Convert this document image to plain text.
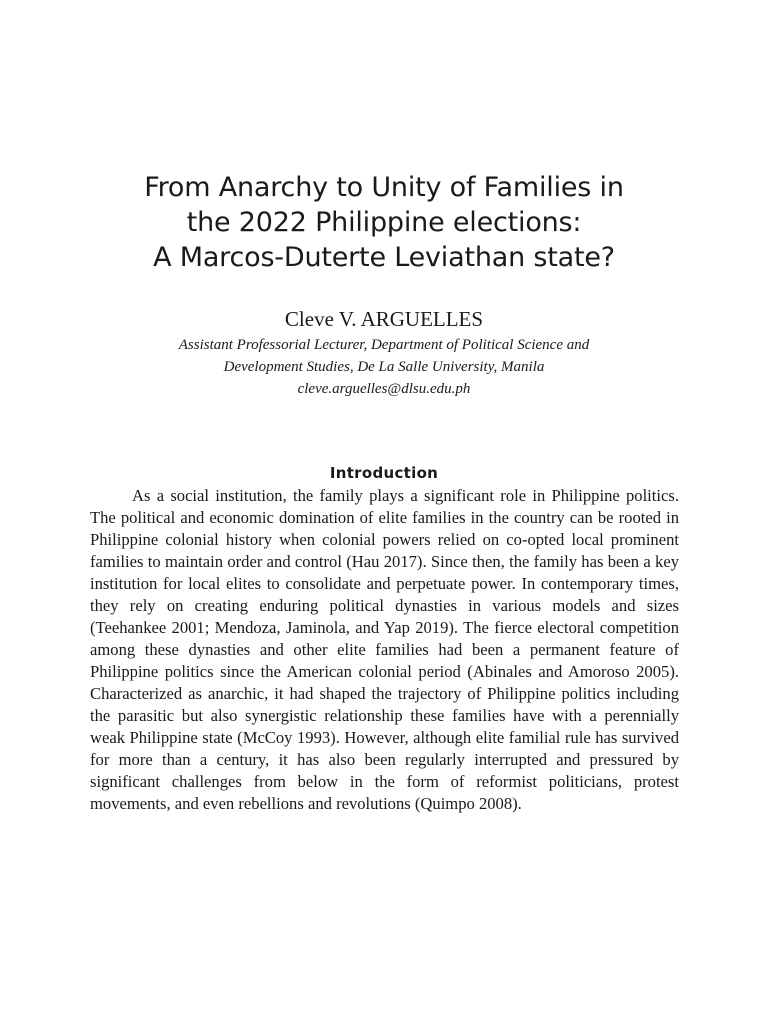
From Anarchy to Unity of Families in
the 2022 Philippine elections:
A Marcos-Duterte Leviathan state?
Cleve V. ARGUELLES
Assistant Professorial Lecturer, Department of Political Science and
Development Studies, De La Salle University, Manila
cleve.arguelles@dlsu.edu.ph
Introduction

As a social institution, the family plays a significant role in Philippine politics. The political and economic domination of elite families in the country can be rooted in Philippine colonial history when colonial powers relied on co-opted local prominent families to maintain order and control (Hau 2017). Since then, the family has been a key institution for local elites to consolidate and perpetuate power. In contemporary times, they rely on creating enduring political dynasties in various models and sizes (Teehankee 2001; Mendoza, Jaminola, and Yap 2019). The fierce electoral competition among these dynasties and other elite families had been a permanent feature of Philippine politics since the American colonial period (Abinales and Amoroso 2005). Characterized as anarchic, it had shaped the trajectory of Philippine politics including the parasitic but also synergistic relationship these families have with a perennially weak Philippine state (McCoy 1993). However, although elite familial rule has survived for more than a century, it has also been regularly interrupted and pressured by significant challenges from below in the form of reformist politicians, protest movements, and even rebellions and revolutions (Quimpo 2008).
